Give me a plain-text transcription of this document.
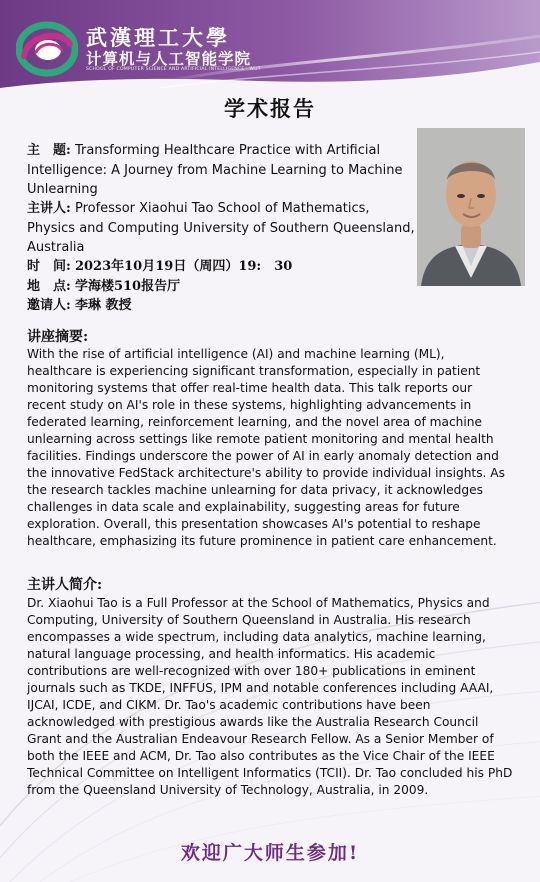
武漢理工大學
计算机与人工智能学院
SCHOOL OF COMPUTER SCIENCE AND ARTIFICIAL INTELLIGENCE · WUT
学术报告
主　题: Transforming Healthcare Practice with Artificial Intelligence: A Journey from Machine Learning to Machine Unlearning
主讲人: Professor Xiaohui Tao School of Mathematics, Physics and Computing University of Southern Queensland, Australia
时　间: 2023年10月19日（周四）19:　30
地　点: 学海楼510报告厅
邀请人: 李琳 教授
讲座摘要:
With the rise of artificial intelligence (AI) and machine learning (ML), healthcare is experiencing significant transformation, especially in patient monitoring systems that offer real-time health data. This talk reports our recent study on AI's role in these systems, highlighting advancements in federated learning, reinforcement learning, and the novel area of machine unlearning across settings like remote patient monitoring and mental health facilities. Findings underscore the power of AI in early anomaly detection and the innovative FedStack architecture's ability to provide individual insights. As the research tackles machine unlearning for data privacy, it acknowledges challenges in data scale and explainability, suggesting areas for future exploration. Overall, this presentation showcases AI's potential to reshape healthcare, emphasizing its future prominence in patient care enhancement.
主讲人简介:
Dr. Xiaohui Tao is a Full Professor at the School of Mathematics, Physics and Computing, University of Southern Queensland in Australia. His research encompasses a wide spectrum, including data analytics, machine learning, natural language processing, and health informatics. His academic contributions are well-recognized with over 180+ publications in eminent journals such as TKDE, INFFUS, IPM and notable conferences including AAAI, IJCAI, ICDE, and CIKM. Dr. Tao's academic contributions have been acknowledged with prestigious awards like the Australia Research Council Grant and the Australian Endeavour Research Fellow. As a Senior Member of both the IEEE and ACM, Dr. Tao also contributes as the Vice Chair of the IEEE Technical Committee on Intelligent Informatics (TCII). Dr. Tao concluded his PhD from the Queensland University of Technology, Australia, in 2009.
欢迎广大师生参加!
